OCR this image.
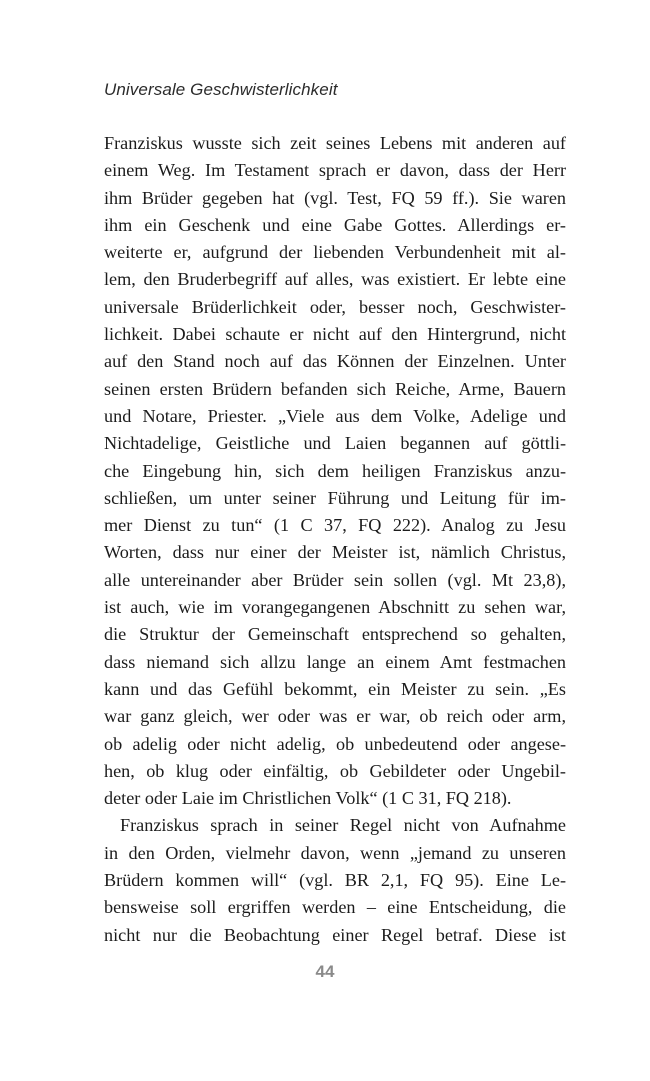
Universale Geschwisterlichkeit
Franziskus wusste sich zeit seines Lebens mit anderen auf
einem Weg. Im Testament sprach er davon, dass der Herr
ihm Brüder gegeben hat (vgl. Test, FQ 59 ff.). Sie waren
ihm ein Geschenk und eine Gabe Gottes. Allerdings er-
weiterte er, aufgrund der liebenden Verbundenheit mit al-
lem, den Bruderbegriff auf alles, was existiert. Er lebte eine
universale Brüderlichkeit oder, besser noch, Geschwister-
lichkeit. Dabei schaute er nicht auf den Hintergrund, nicht
auf den Stand noch auf das Können der Einzelnen. Unter
seinen ersten Brüdern befanden sich Reiche, Arme, Bauern
und Notare, Priester. „Viele aus dem Volke, Adelige und
Nichtadelige, Geistliche und Laien begannen auf göttli-
che Eingebung hin, sich dem heiligen Franziskus anzu-
schließen, um unter seiner Führung und Leitung für im-
mer Dienst zu tun“ (1 C 37, FQ 222). Analog zu Jesu
Worten, dass nur einer der Meister ist, nämlich Christus,
alle untereinander aber Brüder sein sollen (vgl. Mt 23,8),
ist auch, wie im vorangegangenen Abschnitt zu sehen war,
die Struktur der Gemeinschaft entsprechend so gehalten,
dass niemand sich allzu lange an einem Amt festmachen
kann und das Gefühl bekommt, ein Meister zu sein. „Es
war ganz gleich, wer oder was er war, ob reich oder arm,
ob adelig oder nicht adelig, ob unbedeutend oder angese-
hen, ob klug oder einfältig, ob Gebildeter oder Ungebil-
deter oder Laie im Christlichen Volk“ (1 C 31, FQ 218).
Franziskus sprach in seiner Regel nicht von Aufnahme
in den Orden, vielmehr davon, wenn „jemand zu unseren
Brüdern kommen will“ (vgl. BR 2,1, FQ 95). Eine Le-
bensweise soll ergriffen werden – eine Entscheidung, die
nicht nur die Beobachtung einer Regel betraf. Diese ist
44
